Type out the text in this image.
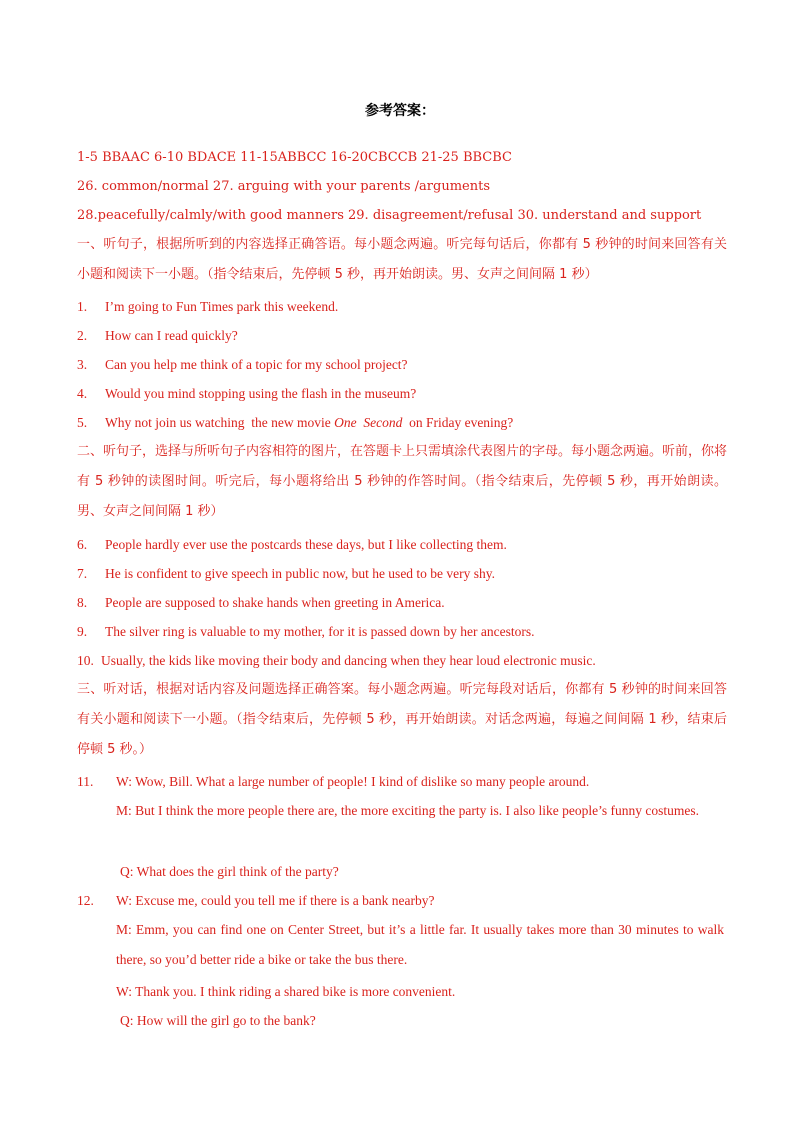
参考答案：
1-5 BBAAC 6-10 BDACE 11-15ABBCC 16-20CBCCB 21-25 BBCBC
26. common/normal 27. arguing with your parents /arguments
28.peacefully/calmly/with good manners 29. disagreement/refusal 30. understand and support
一、听句子，根据所听到的内容选择正确答语。每小题念两遍。听完每句话后，你都有 5 秒钟的时间来回答有关小题和阅读下一小题。（指令结束后，先停顿 5 秒，再开始朗读。男、女声之间间隔 1 秒）
1. I’m going to Fun Times park this weekend.
2. How can I read quickly?
3. Can you help me think of a topic for my school project?
4. Would you mind stopping using the flash in the museum?
5. Why not join us watching  the new movie One  Second  on Friday evening?
二、听句子，选择与所听句子内容相符的图片，在答题卡上只需填涂代表图片的字母。每小题念两遍。听前，你将有 5 秒钟的读图时间。听完后，每小题将给出 5 秒钟的作答时间。（指令结束后，先停顿 5 秒，再开始朗读。男、女声之间间隔 1 秒）
6. People hardly ever use the postcards these days, but I like collecting them.
7. He is confident to give speech in public now, but he used to be very shy.
8. People are supposed to shake hands when greeting in America.
9. The silver ring is valuable to my mother, for it is passed down by her ancestors.
10. Usually, the kids like moving their body and dancing when they hear loud electronic music.
三、听对话，根据对话内容及问题选择正确答案。每小题念两遍。听完每段对话后，你都有 5 秒钟的时间来回答有关小题和阅读下一小题。（指令结束后，先停顿 5 秒，再开始朗读。对话念两遍，每遍之间间隔 1 秒，结束后停顿 5 秒。）
11. W: Wow, Bill. What a large number of people! I kind of dislike so many people around.
M: But I think the more people there are, the more exciting the party is. I also like people’s funny costumes.
Q: What does the girl think of the party?
12. W: Excuse me, could you tell me if there is a bank nearby?
M: Emm, you can find one on Center Street, but it’s a little far. It usually takes more than 30 minutes to walk there, so you’d better ride a bike or take the bus there.
W: Thank you. I think riding a shared bike is more convenient.
Q: How will the girl go to the bank?
